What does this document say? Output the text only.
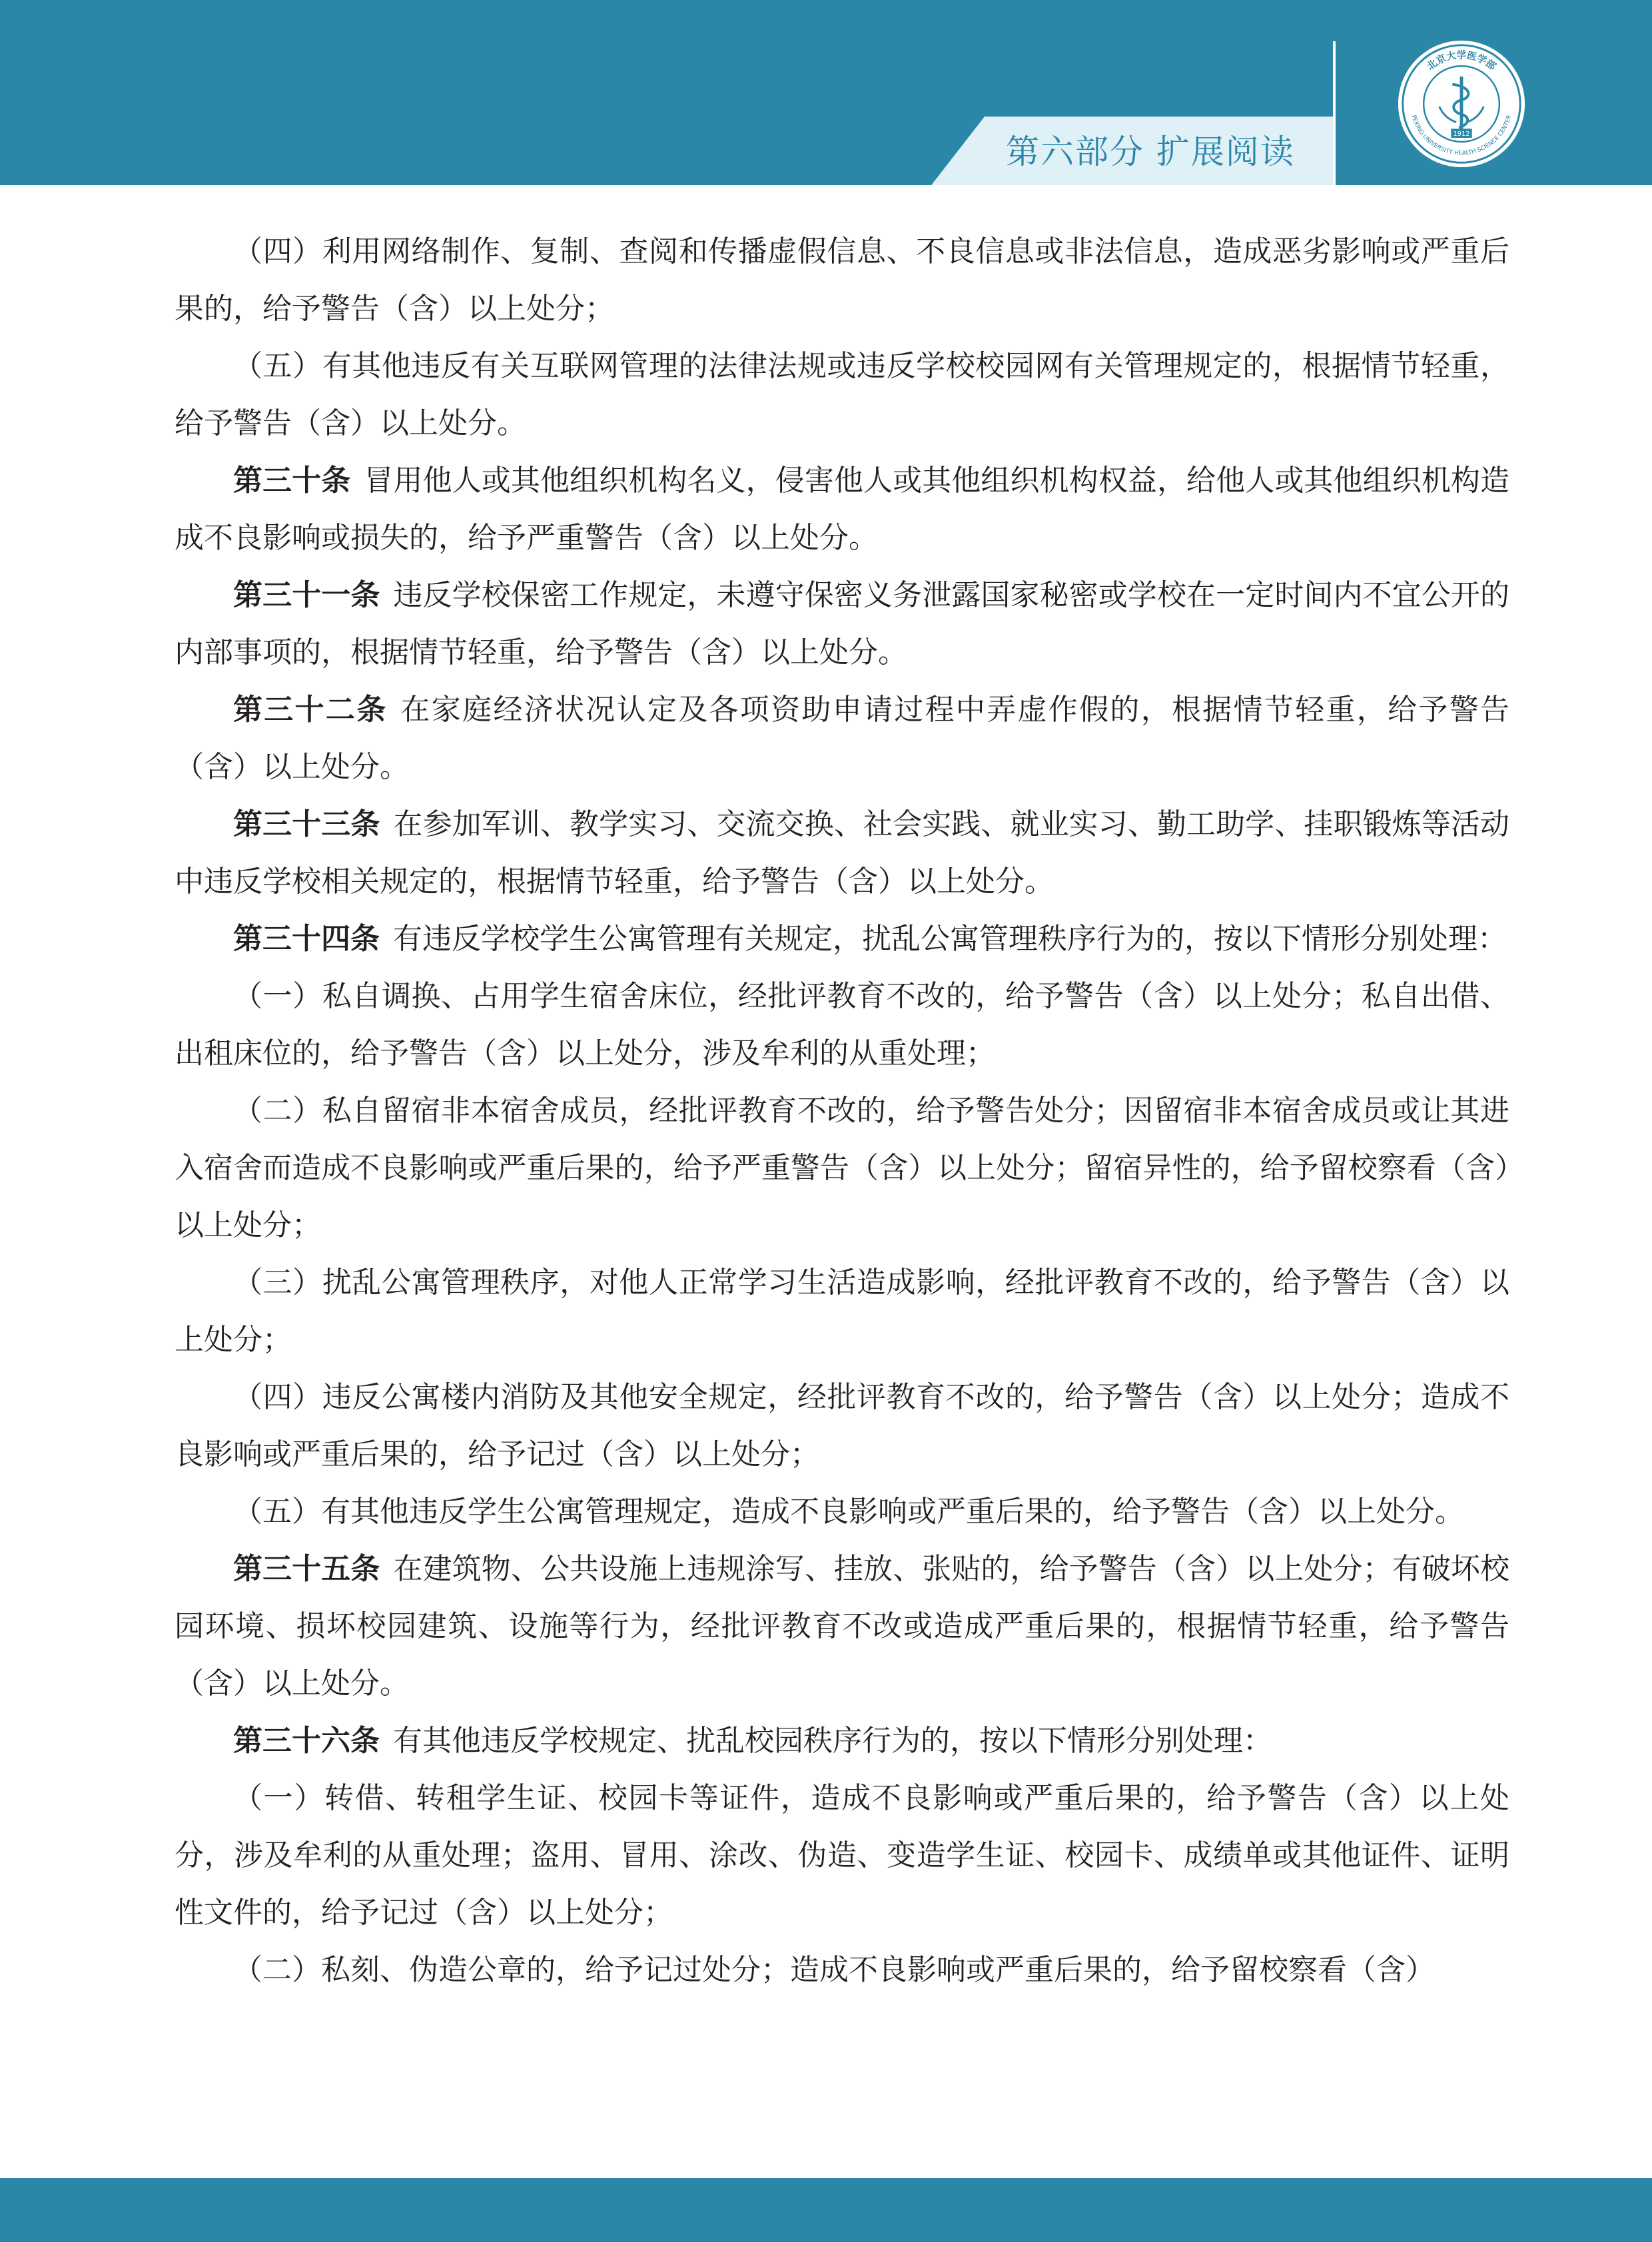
第六部分 扩展阅读
北京大学医学部
PEKING UNIVERSITY HEALTH SCIENCE CENTER
1912

（四）利用网络制作、复制、查阅和传播虚假信息、不良信息或非法信息，造成恶劣影响或严重后果的，给予警告（含）以上处分；

（五）有其他违反有关互联网管理的法律法规或违反学校校园网有关管理规定的，根据情节轻重，给予警告（含）以上处分。

第三十条 冒用他人或其他组织机构名义，侵害他人或其他组织机构权益，给他人或其他组织机构造成不良影响或损失的，给予严重警告（含）以上处分。

第三十一条 违反学校保密工作规定，未遵守保密义务泄露国家秘密或学校在一定时间内不宜公开的内部事项的，根据情节轻重，给予警告（含）以上处分。

第三十二条 在家庭经济状况认定及各项资助申请过程中弄虚作假的，根据情节轻重，给予警告（含）以上处分。

第三十三条 在参加军训、教学实习、交流交换、社会实践、就业实习、勤工助学、挂职锻炼等活动中违反学校相关规定的，根据情节轻重，给予警告（含）以上处分。

第三十四条 有违反学校学生公寓管理有关规定，扰乱公寓管理秩序行为的，按以下情形分别处理：

（一）私自调换、占用学生宿舍床位，经批评教育不改的，给予警告（含）以上处分；私自出借、出租床位的，给予警告（含）以上处分，涉及牟利的从重处理；

（二）私自留宿非本宿舍成员，经批评教育不改的，给予警告处分；因留宿非本宿舍成员或让其进入宿舍而造成不良影响或严重后果的，给予严重警告（含）以上处分；留宿异性的，给予留校察看（含）以上处分；

（三）扰乱公寓管理秩序，对他人正常学习生活造成影响，经批评教育不改的，给予警告（含）以上处分；

（四）违反公寓楼内消防及其他安全规定，经批评教育不改的，给予警告（含）以上处分；造成不良影响或严重后果的，给予记过（含）以上处分；

（五）有其他违反学生公寓管理规定，造成不良影响或严重后果的，给予警告（含）以上处分。

第三十五条 在建筑物、公共设施上违规涂写、挂放、张贴的，给予警告（含）以上处分；有破坏校园环境、损坏校园建筑、设施等行为，经批评教育不改或造成严重后果的，根据情节轻重，给予警告（含）以上处分。

第三十六条 有其他违反学校规定、扰乱校园秩序行为的，按以下情形分别处理：

（一）转借、转租学生证、校园卡等证件，造成不良影响或严重后果的，给予警告（含）以上处分，涉及牟利的从重处理；盗用、冒用、涂改、伪造、变造学生证、校园卡、成绩单或其他证件、证明性文件的，给予记过（含）以上处分；

（二）私刻、伪造公章的，给予记过处分；造成不良影响或严重后果的，给予留校察看（含）
